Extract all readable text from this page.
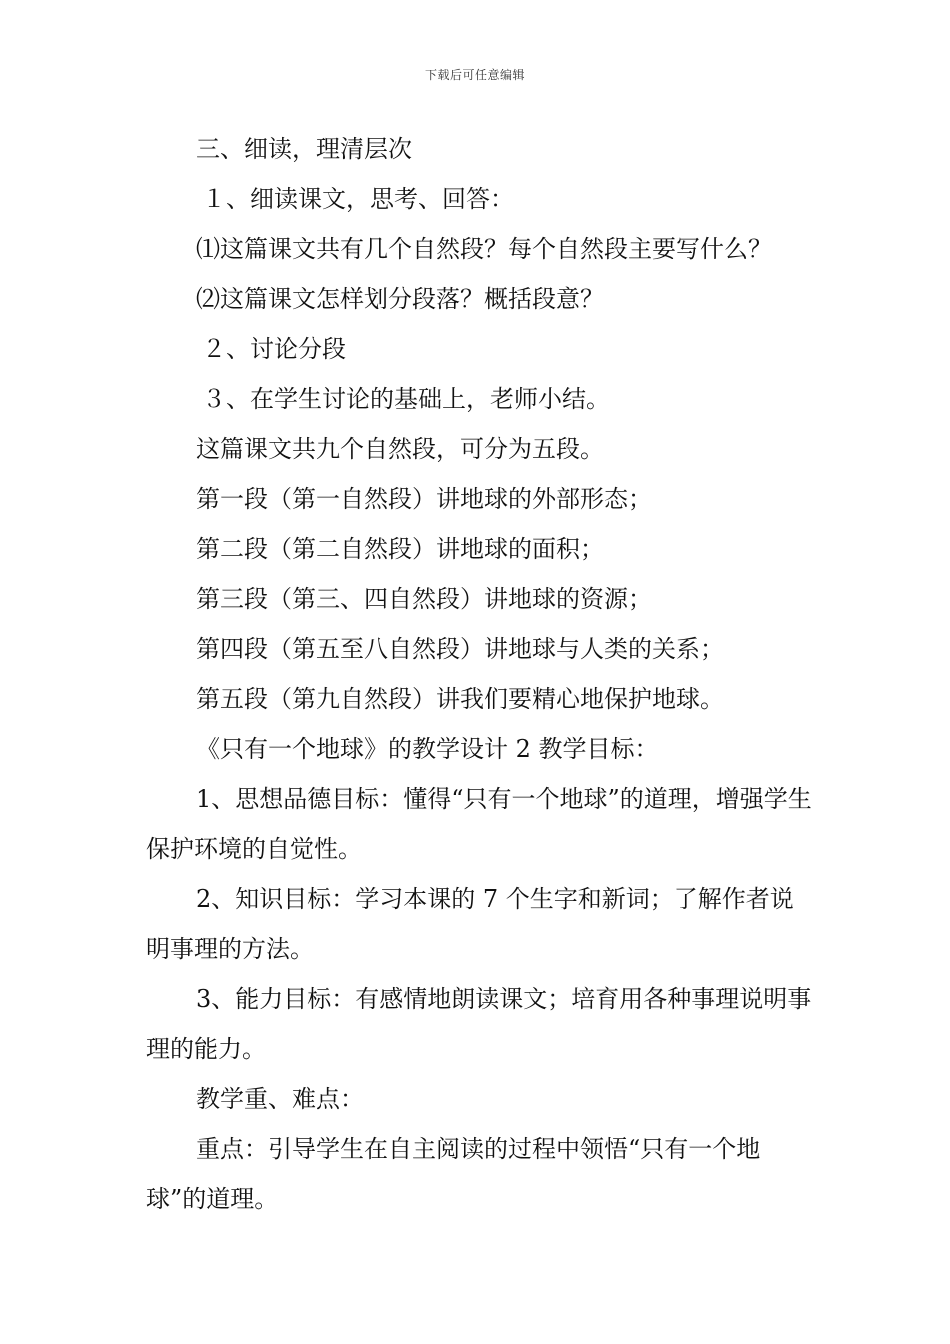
下载后可任意编辑

三、细读，理清层次

１、细读课文，思考、回答：

⑴这篇课文共有几个自然段？每个自然段主要写什么？

⑵这篇课文怎样划分段落？概括段意？

２、讨论分段

３、在学生讨论的基础上，老师小结。

这篇课文共九个自然段，可分为五段。

第一段（第一自然段）讲地球的外部形态；

第二段（第二自然段）讲地球的面积；

第三段（第三、四自然段）讲地球的资源；

第四段（第五至八自然段）讲地球与人类的关系；

第五段（第九自然段）讲我们要精心地保护地球。

《只有一个地球》的教学设计 2 教学目标：

1、思想品德目标：懂得“只有一个地球”的道理，增强学生保护环境的自觉性。

2、知识目标：学习本课的 7 个生字和新词；了解作者说明事理的方法。

3、能力目标：有感情地朗读课文；培育用各种事理说明事理的能力。

教学重、难点：

重点：引导学生在自主阅读的过程中领悟“只有一个地球”的道理。
